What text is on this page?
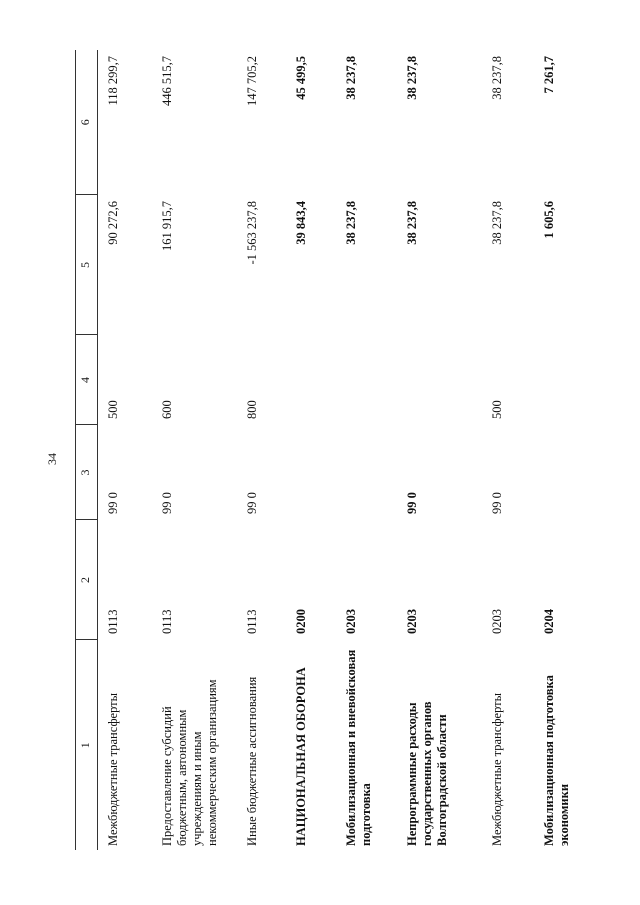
34
1	2	3	4	5	6
Межбюджетные трансферты	0113	99 0	500	90 272,6	118 299,7
Предоставление субсидий бюджетным, автономным учреждениям и иным некоммерческим организациям	0113	99 0	600	161 915,7	446 515,7
Иные бюджетные ассигнования	0113	99 0	800	-1 563 237,8	147 705,2
НАЦИОНАЛЬНАЯ ОБОРОНА	0200			39 843,4	45 499,5
Мобилизационная и вневойсковая подготовка	0203			38 237,8	38 237,8
Непрограммные расходы государственных органов Волгоградской области	0203	99 0		38 237,8	38 237,8
Межбюджетные трансферты	0203	99 0	500	38 237,8	38 237,8
Мобилизационная подготовка экономики	0204			1 605,6	7 261,7
